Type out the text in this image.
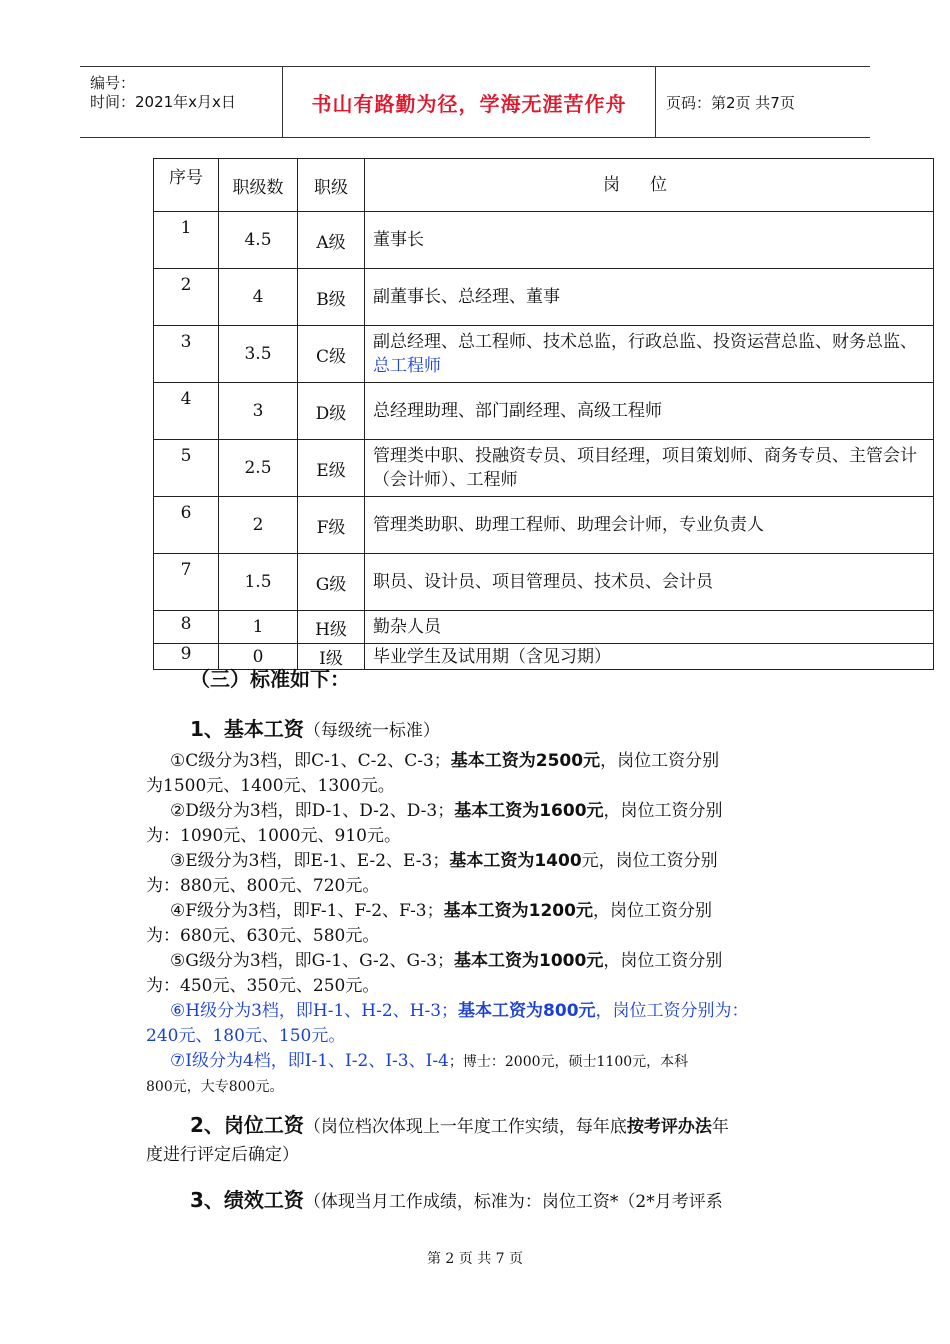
编号：
时间：2021年x月x日	书山有路勤为径，学海无涯苦作舟	页码：第2页 共7页
序号	职级数	职级	岗位
1	4.5	A级	董事长
2	4	B级	副董事长、总经理、董事
3	3.5	C级	副总经理、总工程师、技术总监，行政总监、投资运营总监、财务总监、总工程师
4	3	D级	总经理助理、部门副经理、高级工程师
5	2.5	E级	管理类中职、投融资专员、项目经理，项目策划师、商务专员、主管会计（会计师）、工程师
6	2	F级	管理类助职、助理工程师、助理会计师，专业负责人
7	1.5	G级	职员、设计员、项目管理员、技术员、会计员
8	1	H级	勤杂人员
9	0	I级	毕业学生及试用期（含见习期）
（三）标准如下：
1、基本工资（每级统一标准）
①C级分为3档，即C-1、C-2、C-3；基本工资为2500元，岗位工资分别
为1500元、1400元、1300元。
②D级分为3档，即D-1、D-2、D-3；基本工资为1600元，岗位工资分别
为：1090元、1000元、910元。
③E级分为3档，即E-1、E-2、E-3；基本工资为1400元，岗位工资分别
为：880元、800元、720元。
④F级分为3档，即F-1、F-2、F-3；基本工资为1200元，岗位工资分别
为：680元、630元、580元。
⑤G级分为3档，即G-1、G-2、G-3；基本工资为1000元，岗位工资分别
为：450元、350元、250元。
⑥H级分为3档，即H-1、H-2、H-3；基本工资为800元，岗位工资分别为：
240元、180元、150元。
⑦I级分为4档，即I-1、I-2、I-3、I-4；博士：2000元，硕士1100元，本科
800元，大专800元。
2、岗位工资（岗位档次体现上一年度工作实绩，每年底按考评办法年
度进行评定后确定）
3、绩效工资（体现当月工作成绩，标准为：岗位工资*（2*月考评系
第 2 页 共 7 页
